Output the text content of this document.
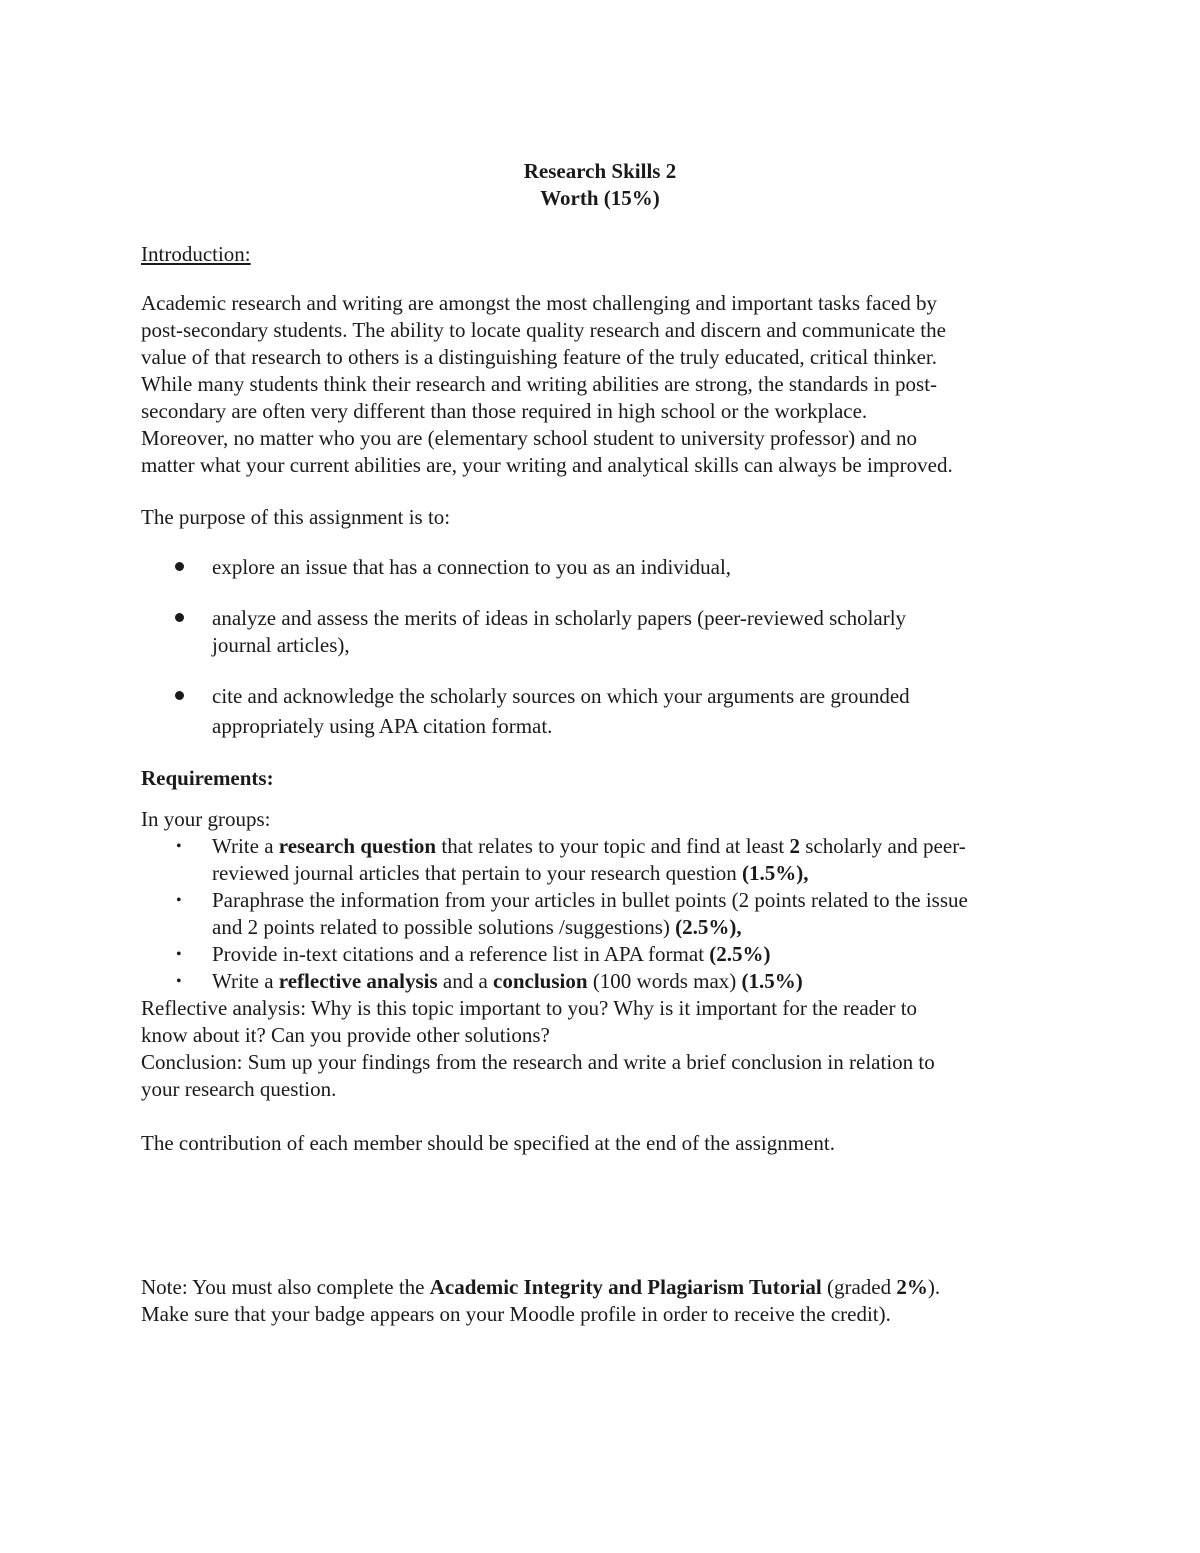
Research Skills 2
Worth (15%)
Introduction:
Academic research and writing are amongst the most challenging and important tasks faced by
post-secondary students. The ability to locate quality research and discern and communicate the
value of that research to others is a distinguishing feature of the truly educated, critical thinker.
While many students think their research and writing abilities are strong, the standards in post-
secondary are often very different than those required in high school or the workplace.
Moreover, no matter who you are (elementary school student to university professor) and no
matter what your current abilities are, your writing and analytical skills can always be improved.
The purpose of this assignment is to:
explore an issue that has a connection to you as an individual,
analyze and assess the merits of ideas in scholarly papers (peer-reviewed scholarly
journal articles),
cite and acknowledge the scholarly sources on which your arguments are grounded
appropriately using APA citation format.
Requirements:
In your groups:
• Write a research question that relates to your topic and find at least 2 scholarly and peer-
reviewed journal articles that pertain to your research question (1.5%),
• Paraphrase the information from your articles in bullet points (2 points related to the issue
and 2 points related to possible solutions /suggestions) (2.5%),
• Provide in-text citations and a reference list in APA format (2.5%)
• Write a reflective analysis and a conclusion (100 words max) (1.5%)
Reflective analysis: Why is this topic important to you? Why is it important for the reader to
know about it? Can you provide other solutions?
Conclusion: Sum up your findings from the research and write a brief conclusion in relation to
your research question.
The contribution of each member should be specified at the end of the assignment.
Note: You must also complete the Academic Integrity and Plagiarism Tutorial (graded 2%).
Make sure that your badge appears on your Moodle profile in order to receive the credit).
